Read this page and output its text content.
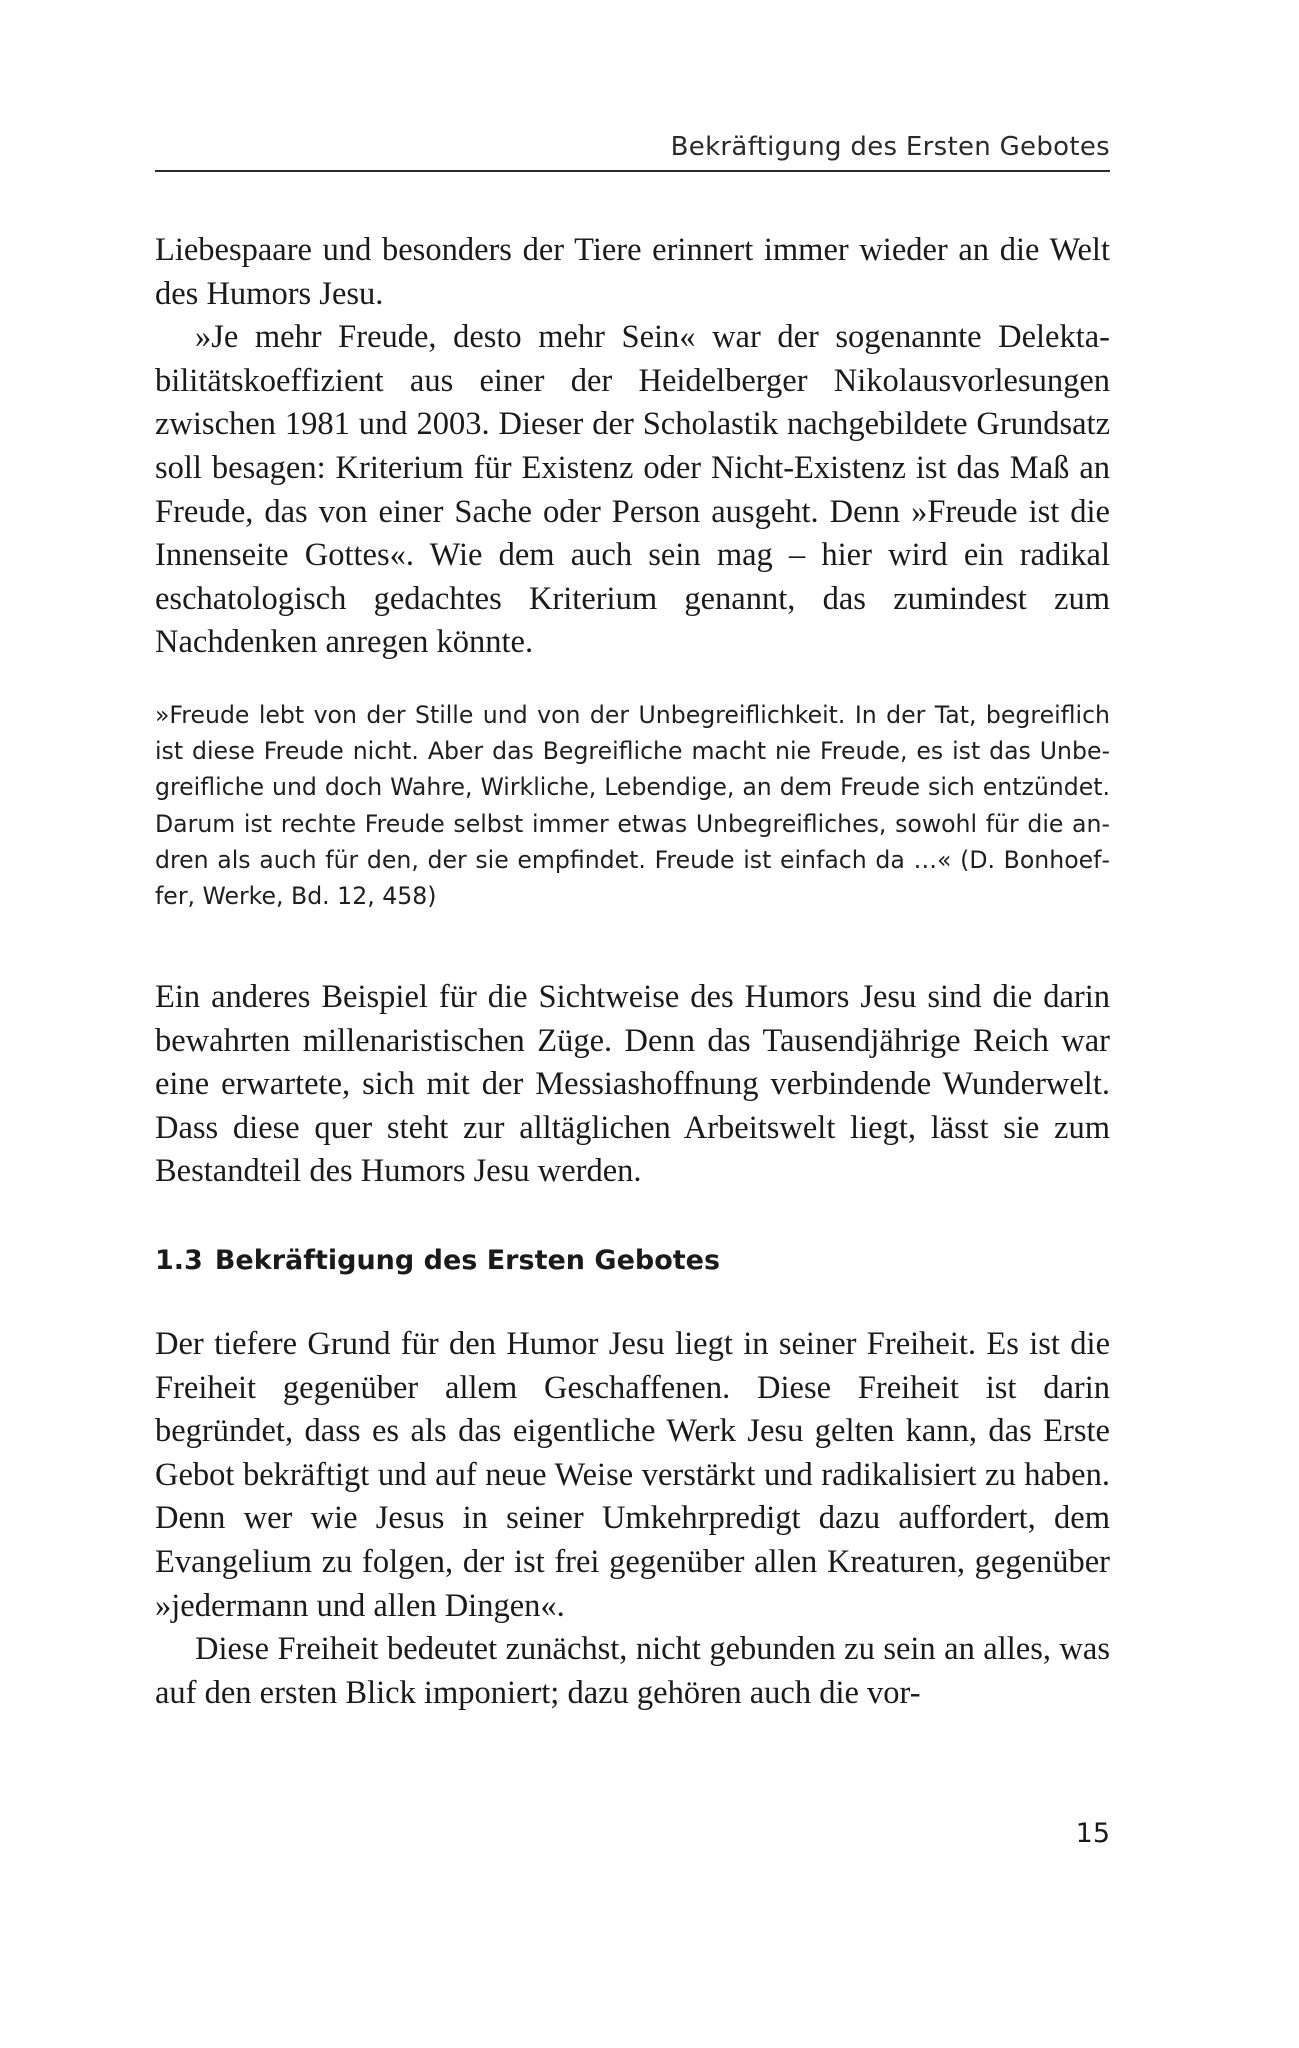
Bekräftigung des Ersten Gebotes

Liebespaare und besonders der Tiere erinnert immer wieder an die Welt des Humors Jesu.

»Je mehr Freude, desto mehr Sein« war der sogenannte Delektabilitätskoeffizient aus einer der Heidelberger Nikolausvorlesungen zwischen 1981 und 2003. Dieser der Scholastik nachgebildete Grundsatz soll besagen: Kriterium für Existenz oder Nicht-Existenz ist das Maß an Freude, das von einer Sache oder Person ausgeht. Denn »Freude ist die Innenseite Gottes«. Wie dem auch sein mag – hier wird ein radikal eschatologisch gedachtes Kriterium genannt, das zumindest zum Nachdenken anregen könnte.

»Freude lebt von der Stille und von der Unbegreiflichkeit. In der Tat, begreiflich ist diese Freude nicht. Aber das Begreifliche macht nie Freude, es ist das Unbegreifliche und doch Wahre, Wirkliche, Lebendige, an dem Freude sich entzündet. Darum ist rechte Freude selbst immer etwas Unbegreifliches, sowohl für die andren als auch für den, der sie empfindet. Freude ist einfach da …« (D. Bonhoeffer, Werke, Bd. 12, 458)

Ein anderes Beispiel für die Sichtweise des Humors Jesu sind die darin bewahrten millenaristischen Züge. Denn das Tausendjährige Reich war eine erwartete, sich mit der Messiashoffnung verbindende Wunderwelt. Dass diese quer steht zur alltäglichen Arbeitswelt liegt, lässt sie zum Bestandteil des Humors Jesu werden.

1.3 Bekräftigung des Ersten Gebotes

Der tiefere Grund für den Humor Jesu liegt in seiner Freiheit. Es ist die Freiheit gegenüber allem Geschaffenen. Diese Freiheit ist darin begründet, dass es als das eigentliche Werk Jesu gelten kann, das Erste Gebot bekräftigt und auf neue Weise verstärkt und radikalisiert zu haben. Denn wer wie Jesus in seiner Umkehrpredigt dazu auffordert, dem Evangelium zu folgen, der ist frei gegenüber allen Kreaturen, gegenüber »jedermann und allen Dingen«.

Diese Freiheit bedeutet zunächst, nicht gebunden zu sein an alles, was auf den ersten Blick imponiert; dazu gehören auch die vor-

15
